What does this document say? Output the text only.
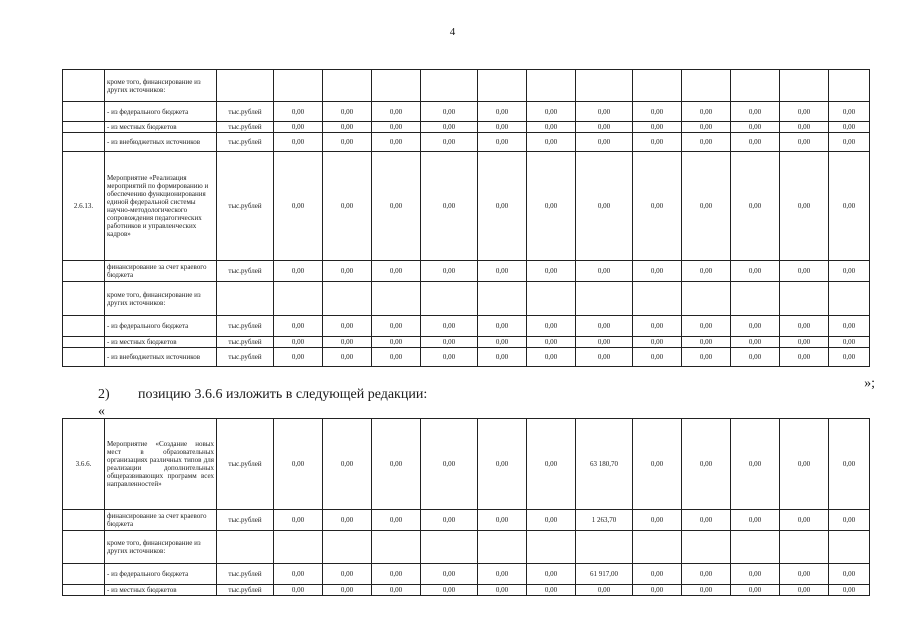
4
	кроме того, финансирование из других источников:													
	- из федерального бюджета	тыс.рублей	0,00	0,00	0,00	0,00	0,00	0,00	0,00	0,00	0,00	0,00	0,00	0,00
	- из местных бюджетов	тыс.рублей	0,00	0,00	0,00	0,00	0,00	0,00	0,00	0,00	0,00	0,00	0,00	0,00
	- из внебюджетных источников	тыс.рублей	0,00	0,00	0,00	0,00	0,00	0,00	0,00	0,00	0,00	0,00	0,00	0,00
2.6.13.	Мероприятие «Реализация мероприятий по формированию и обеспечению функционирования единой федеральной системы научно-методологического сопровождения педагогических работников и управленческих кадров»	тыс.рублей	0,00	0,00	0,00	0,00	0,00	0,00	0,00	0,00	0,00	0,00	0,00	0,00
	финансирование за счет краевого бюджета	тыс.рублей	0,00	0,00	0,00	0,00	0,00	0,00	0,00	0,00	0,00	0,00	0,00	0,00
	кроме того, финансирование из других источников:													
	- из федерального бюджета	тыс.рублей	0,00	0,00	0,00	0,00	0,00	0,00	0,00	0,00	0,00	0,00	0,00	0,00
	- из местных бюджетов	тыс.рублей	0,00	0,00	0,00	0,00	0,00	0,00	0,00	0,00	0,00	0,00	0,00	0,00
	- из внебюджетных источников	тыс.рублей	0,00	0,00	0,00	0,00	0,00	0,00	0,00	0,00	0,00	0,00	0,00	0,00
»;
2) позицию 3.6.6 изложить в следующей редакции:
«
3.6.6.	Мероприятие «Создание новых мест в образовательных организациях различных типов для реализации дополнительных общеразвивающих программ всех направленностей»	тыс.рублей	0,00	0,00	0,00	0,00	0,00	0,00	63 180,70	0,00	0,00	0,00	0,00	0,00
	финансирование за счет краевого бюджета	тыс.рублей	0,00	0,00	0,00	0,00	0,00	0,00	1 263,70	0,00	0,00	0,00	0,00	0,00
	кроме того, финансирование из других источников:													
	- из федерального бюджета	тыс.рублей	0,00	0,00	0,00	0,00	0,00	0,00	61 917,00	0,00	0,00	0,00	0,00	0,00
	- из местных бюджетов	тыс.рублей	0,00	0,00	0,00	0,00	0,00	0,00	0,00	0,00	0,00	0,00	0,00	0,00
